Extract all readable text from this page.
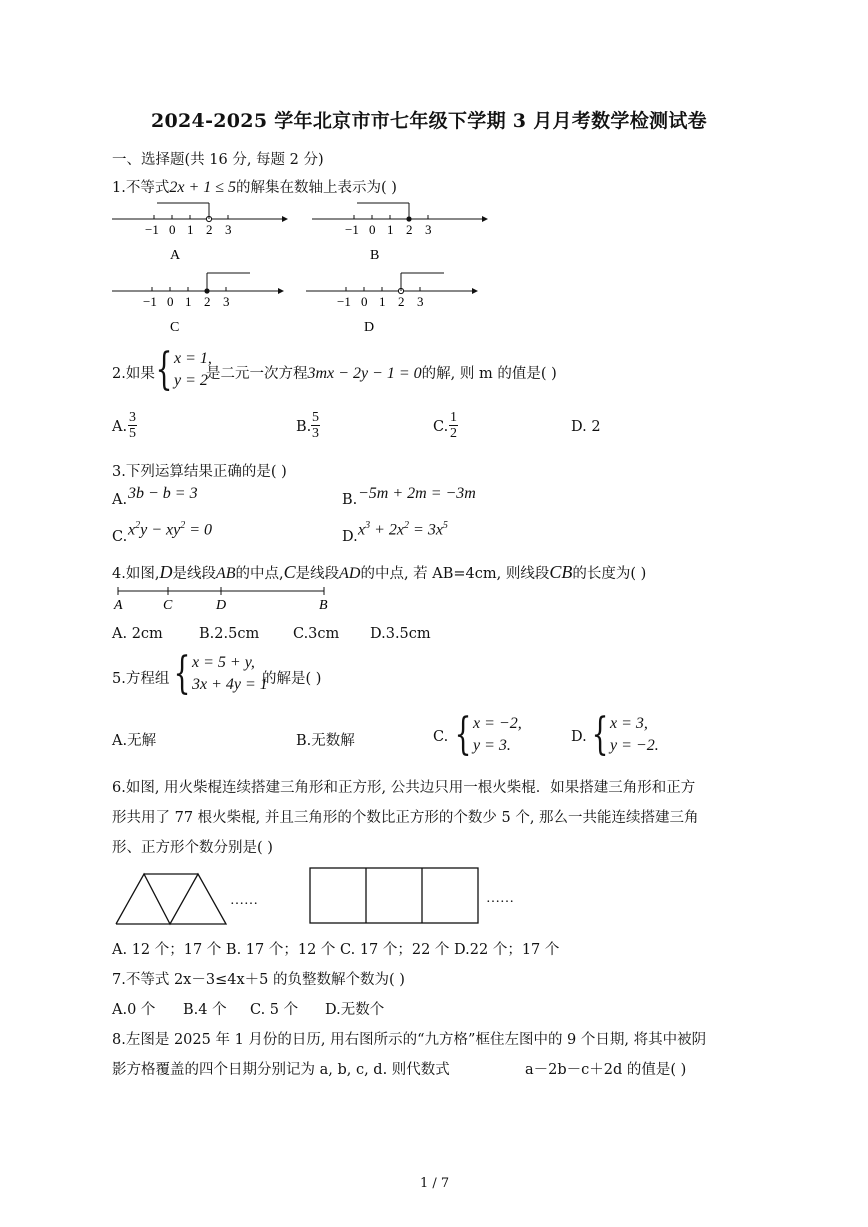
2024-2025 学年北京市市七年级下学期 3 月月考数学检测试卷
一、选择题(共 16 分, 每题 2 分)
1.不等式2x + 1 ≤ 5的解集在数轴上表示为( )
−1 0 1 2 3
A
−1 0 1 2 3
B
−1 0 1 2 3
C
−1 0 1 2 3
D
2.如果 { x = 1,
y = 2
是二元一次方程3mx − 2y − 1 = 0的解, 则 m 的值是( )
A. $\frac{3}{5}$	B. $\frac{5}{3}$	C. $\frac{1}{2}$	D. 2
3.下列运算结果正确的是( )
A. 3b − b = 3	B. −5m + 2m = −3m
C. $x^2y - xy^2 = 0$	D. $x^3 + 2x^2 = 3x^5$
4.如图,D是线段AB的中点,C是线段AD的中点, 若 AB=4cm, 则线段CB的长度为( )
A	C	D	B
A. 2cm B.2.5cm C.3cm D.3.5cm
5.方程组 { x = 5 + y,
3x + 4y = 1
的解是( )
A.无解	B.无数解	C. { x = −2,
y = 3.	D. { x = 3,
y = −2.
6.如图, 用火柴棍连续搭建三角形和正方形, 公共边只用一根火柴棍．如果搭建三角形和正方
形共用了 77 根火柴棍, 并且三角形的个数比正方形的个数少 5 个, 那么一共能连续搭建三角
形、正方形个数分别是( )
……	……
A. 12 个；17 个 B. 17 个；12 个 C. 17 个；22 个 D.22 个；17 个
7.不等式 2x－3≤4x＋5 的负整数解个数为( )
A.0 个 B.4 个 C. 5 个 D.无数个
8.左图是 2025 年 1 月份的日历, 用右图所示的“九方格”框住左图中的 9 个日期, 将其中被阴
影方格覆盖的四个日期分别记为 a, b, c, d. 则代数式	a－2b－c＋2d 的值是( )
1 / 7
